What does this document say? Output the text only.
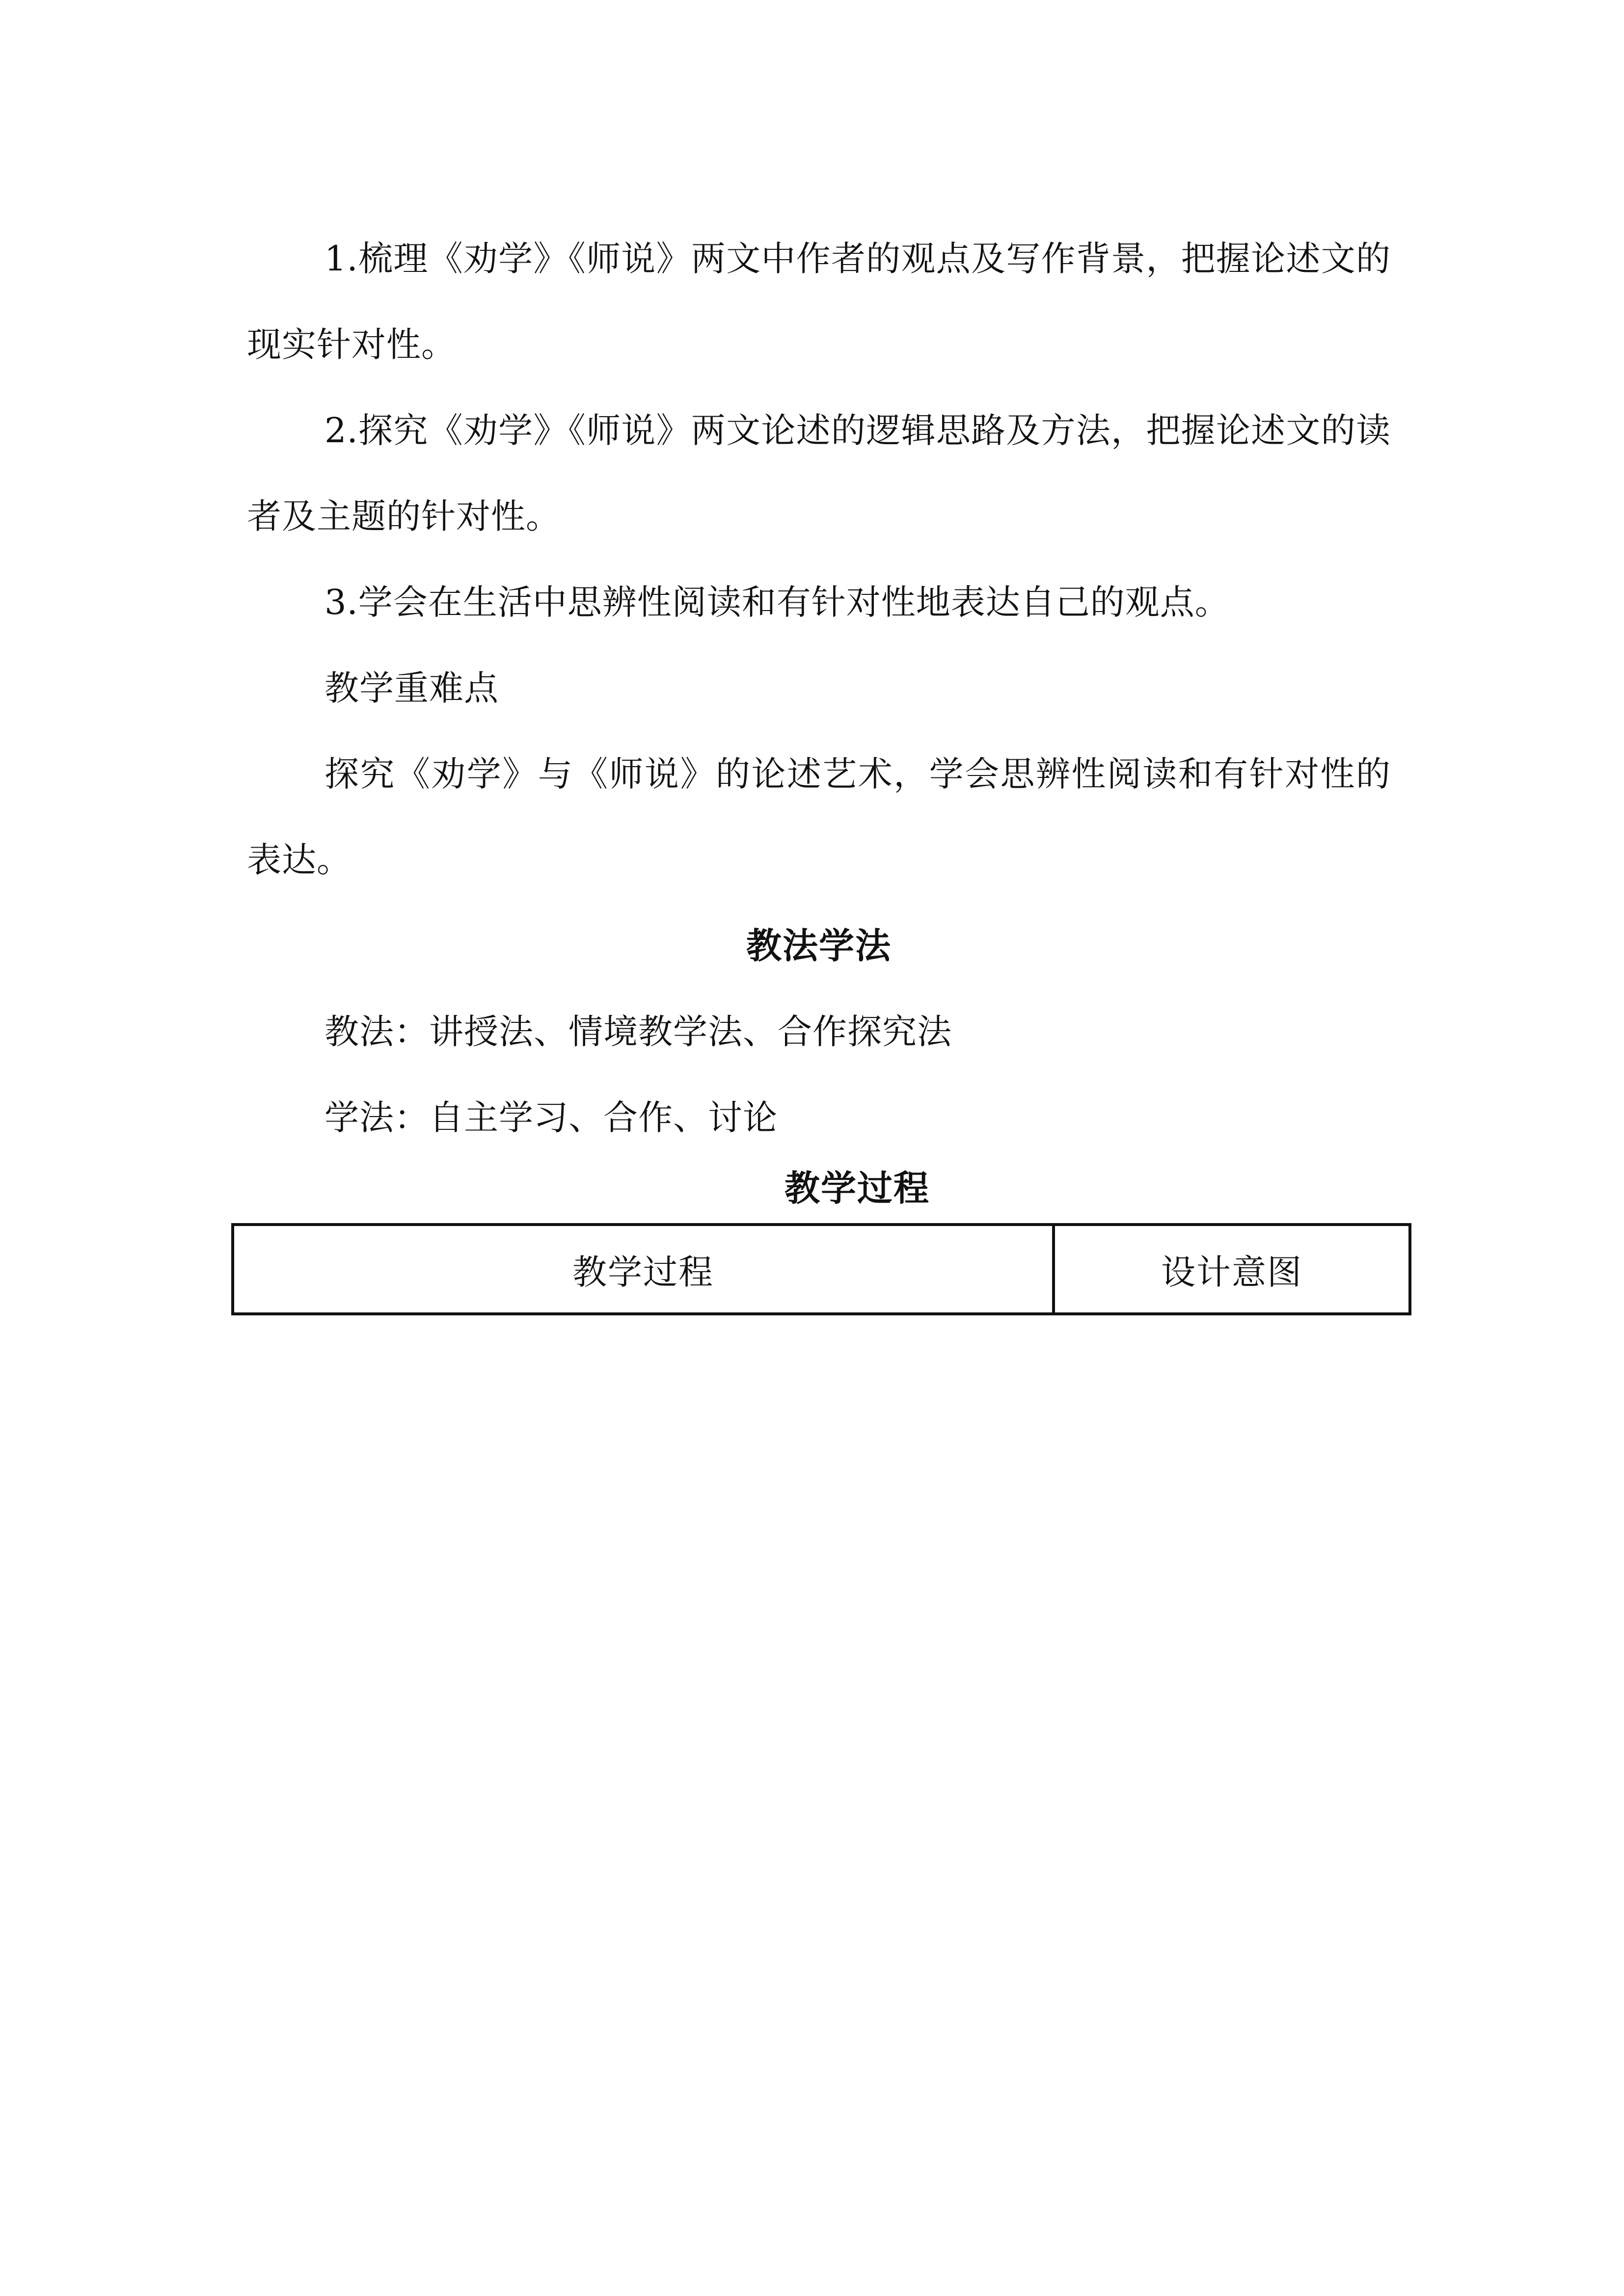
1.梳理《劝学》《师说》两文中作者的观点及写作背景，把握论述文的现实针对性。

2.探究《劝学》《师说》两文论述的逻辑思路及方法，把握论述文的读者及主题的针对性。

3.学会在生活中思辨性阅读和有针对性地表达自己的观点。

教学重难点

探究《劝学》与《师说》的论述艺术，学会思辨性阅读和有针对性的表达。

教法学法

教法：讲授法、情境教学法、合作探究法

学法：自主学习、合作、讨论

教学过程

教学过程	设计意图
